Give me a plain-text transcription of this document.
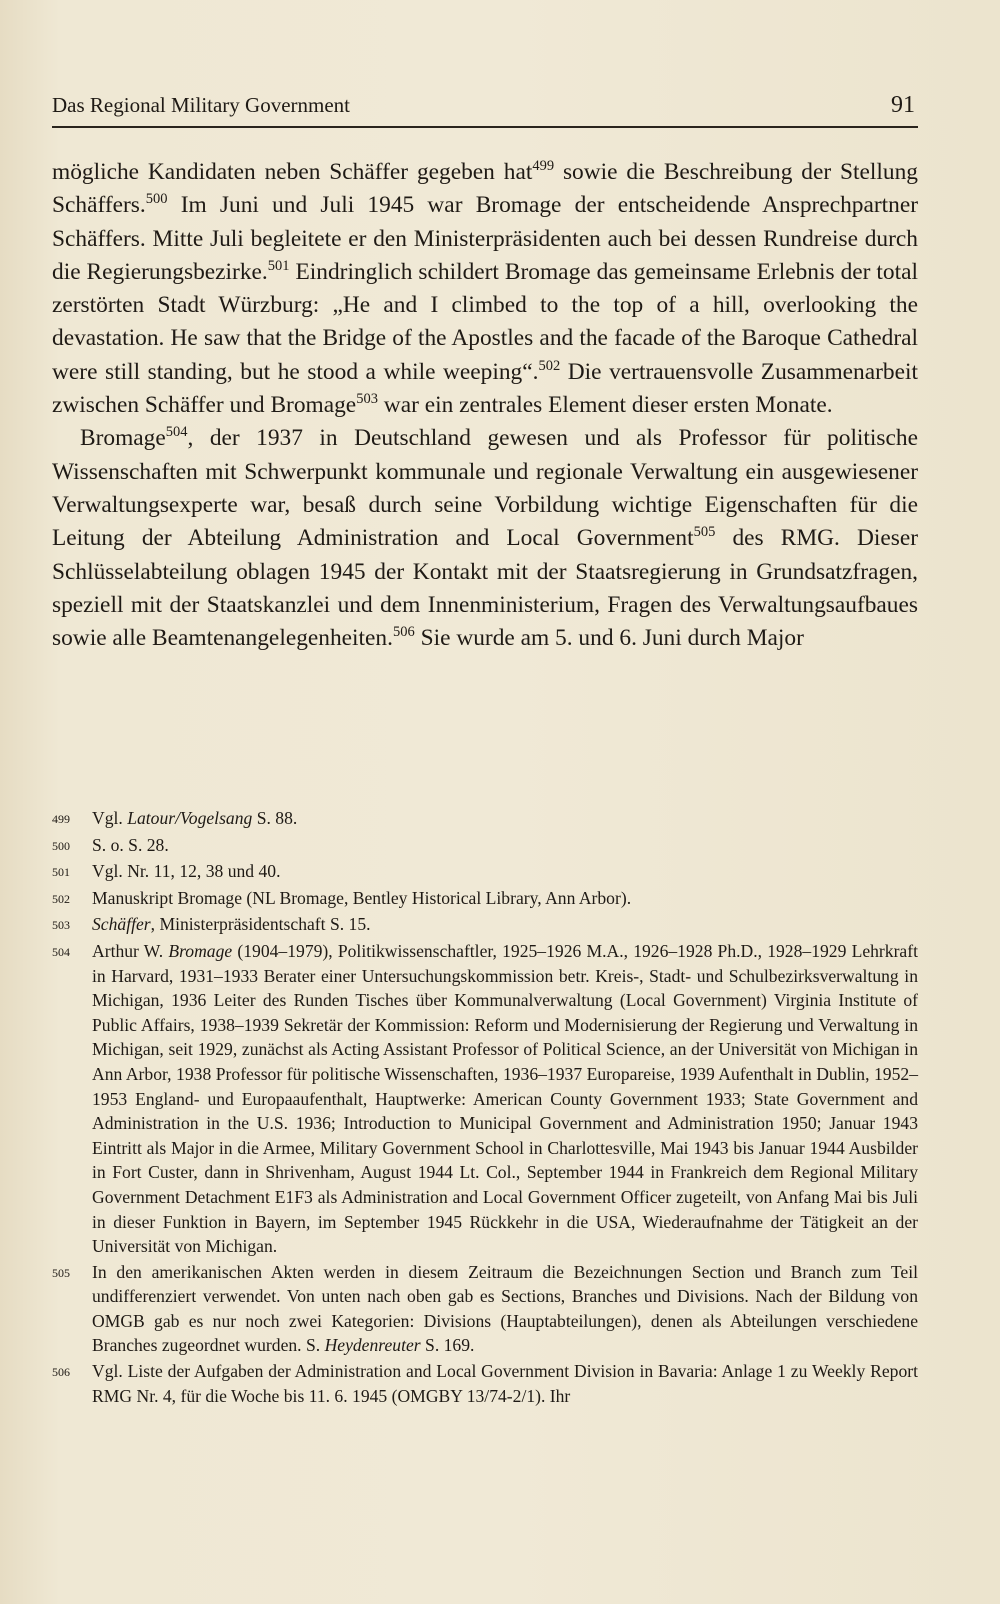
Das Regional Military Government	91

mögliche Kandidaten neben Schäffer gegeben hat$^{499}$ sowie die Beschreibung der Stellung Schäffers.$^{500}$ Im Juni und Juli 1945 war Bromage der entscheidende Ansprechpartner Schäffers. Mitte Juli begleitete er den Ministerpräsidenten auch bei dessen Rundreise durch die Regierungsbezirke.$^{501}$ Eindringlich schildert Bromage das gemeinsame Erlebnis der total zerstörten Stadt Würzburg: „He and I climbed to the top of a hill, overlooking the devastation. He saw that the Bridge of the Apostles and the facade of the Baroque Cathedral were still standing, but he stood a while weeping“.$^{502}$ Die vertrauensvolle Zusammenarbeit zwischen Schäffer und Bromage$^{503}$ war ein zentrales Element dieser ersten Monate.

Bromage$^{504}$, der 1937 in Deutschland gewesen und als Professor für politische Wissenschaften mit Schwerpunkt kommunale und regionale Verwaltung ein ausgewiesener Verwaltungsexperte war, besaß durch seine Vorbildung wichtige Eigenschaften für die Leitung der Abteilung Administration and Local Government$^{505}$ des RMG. Dieser Schlüsselabteilung oblagen 1945 der Kontakt mit der Staatsregierung in Grundsatzfragen, speziell mit der Staatskanzlei und dem Innenministerium, Fragen des Verwaltungsaufbaues sowie alle Beamtenangelegenheiten.$^{506}$ Sie wurde am 5. und 6. Juni durch Major

499	Vgl. Latour/Vogelsang S. 88.
500	S. o. S. 28.
501	Vgl. Nr. 11, 12, 38 und 40.
502	Manuskript Bromage (NL Bromage, Bentley Historical Library, Ann Arbor).
503	Schäffer, Ministerpräsidentschaft S. 15.
504	Arthur W. Bromage (1904–1979), Politikwissenschaftler, 1925–1926 M.A., 1926–1928 Ph.D., 1928–1929 Lehrkraft in Harvard, 1931–1933 Berater einer Untersuchungskommission betr. Kreis-, Stadt- und Schulbezirksverwaltung in Michigan, 1936 Leiter des Runden Tisches über Kommunalverwaltung (Local Government) Virginia Institute of Public Affairs, 1938–1939 Sekretär der Kommission: Reform und Modernisierung der Regierung und Verwaltung in Michigan, seit 1929, zunächst als Acting Assistant Professor of Political Science, an der Universität von Michigan in Ann Arbor, 1938 Professor für politische Wissenschaften, 1936–1937 Europareise, 1939 Aufenthalt in Dublin, 1952–1953 England- und Europaaufenthalt, Hauptwerke: American County Government 1933; State Government and Administration in the U.S. 1936; Introduction to Municipal Government and Administration 1950; Januar 1943 Eintritt als Major in die Armee, Military Government School in Charlottesville, Mai 1943 bis Januar 1944 Ausbilder in Fort Custer, dann in Shrivenham, August 1944 Lt. Col., September 1944 in Frankreich dem Regional Military Government Detachment E1F3 als Administration and Local Government Officer zugeteilt, von Anfang Mai bis Juli in dieser Funktion in Bayern, im September 1945 Rückkehr in die USA, Wiederaufnahme der Tätigkeit an der Universität von Michigan.
505	In den amerikanischen Akten werden in diesem Zeitraum die Bezeichnungen Section und Branch zum Teil undifferenziert verwendet. Von unten nach oben gab es Sections, Branches und Divisions. Nach der Bildung von OMGB gab es nur noch zwei Kategorien: Divisions (Hauptabteilungen), denen als Abteilungen verschiedene Branches zugeordnet wurden. S. Heydenreuter S. 169.
506	Vgl. Liste der Aufgaben der Administration and Local Government Division in Bavaria: Anlage 1 zu Weekly Report RMG Nr. 4, für die Woche bis 11. 6. 1945 (OMGBY 13/74-2/1). Ihr
